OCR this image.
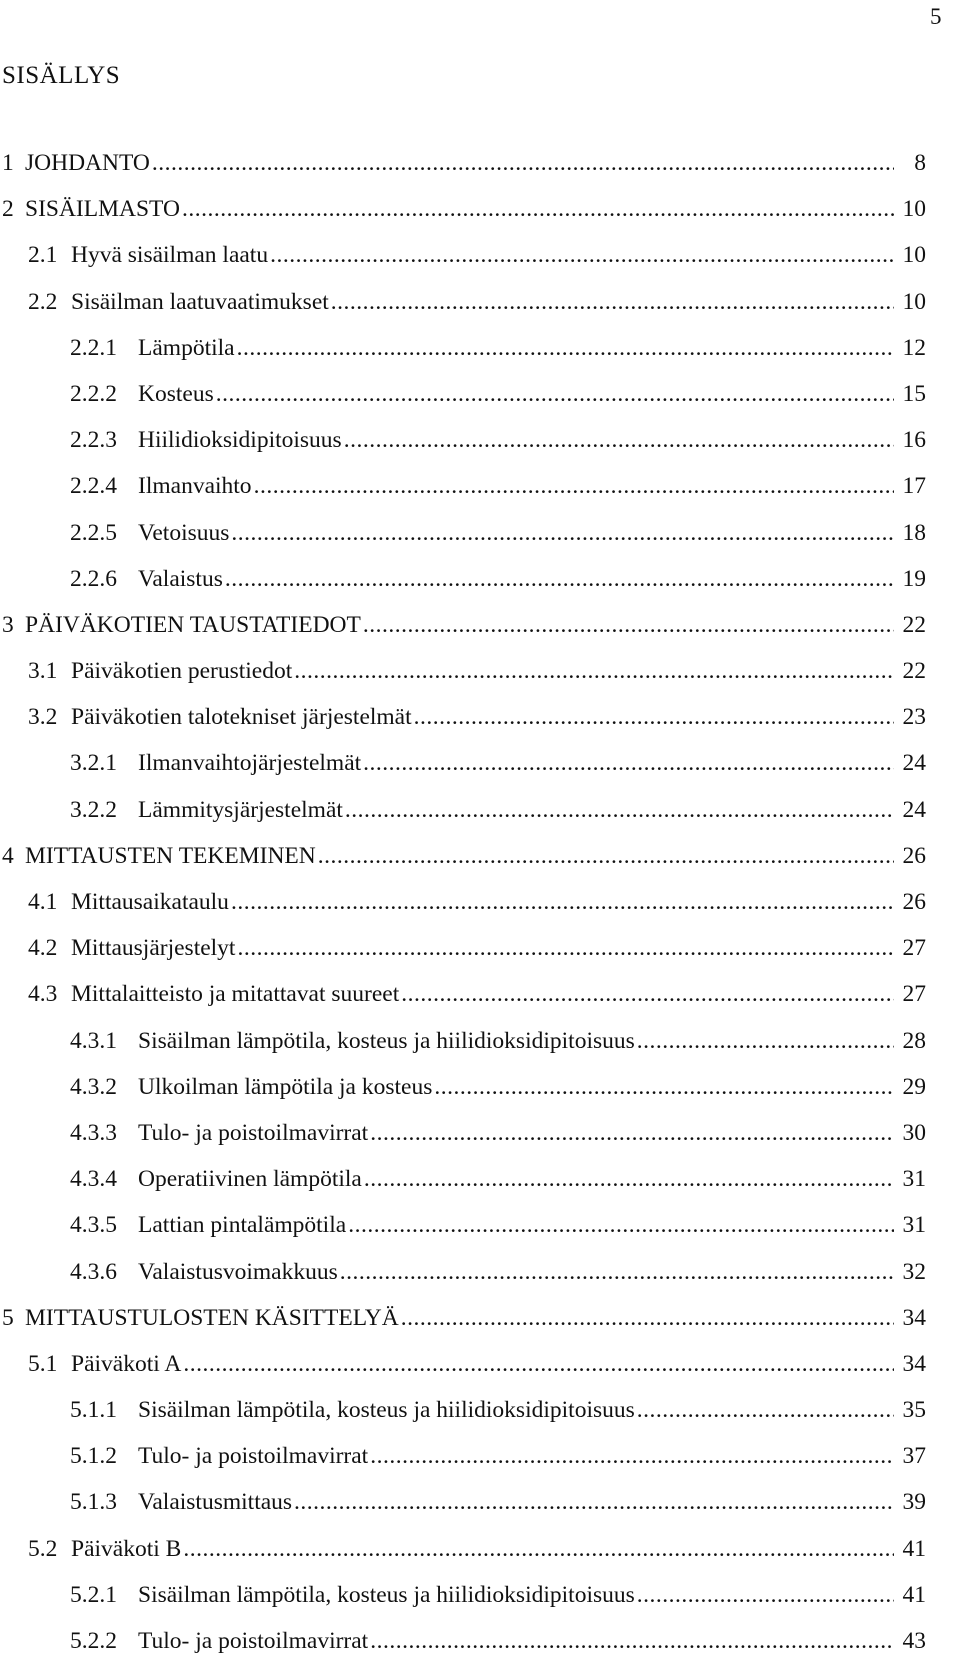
5
SISÄLLYS
1 JOHDANTO .....	8
2 SISÄILMASTO .....	10
2.1 Hyvä sisäilman laatu .....	10
2.2 Sisäilman laatuvaatimukset .....	10
2.2.1 Lämpötila .....	12
2.2.2 Kosteus .....	15
2.2.3 Hiilidioksidipitoisuus .....	16
2.2.4 Ilmanvaihto .....	17
2.2.5 Vetoisuus .....	18
2.2.6 Valaistus .....	19
3 PÄIVÄKOTIEN TAUSTATIEDOT .....	22
3.1 Päiväkotien perustiedot .....	22
3.2 Päiväkotien talotekniset järjestelmät .....	23
3.2.1 Ilmanvaihtojärjestelmät .....	24
3.2.2 Lämmitysjärjestelmät .....	24
4 MITTAUSTEN TEKEMINEN .....	26
4.1 Mittausaikataulu .....	26
4.2 Mittausjärjestelyt .....	27
4.3 Mittalaitteisto ja mitattavat suureet .....	27
4.3.1 Sisäilman lämpötila, kosteus ja hiilidioksidipitoisuus .....	28
4.3.2 Ulkoilman lämpötila ja kosteus .....	29
4.3.3 Tulo- ja poistoilmavirrat .....	30
4.3.4 Operatiivinen lämpötila .....	31
4.3.5 Lattian pintalämpötila .....	31
4.3.6 Valaistusvoimakkuus .....	32
5 MITTAUSTULOSTEN KÄSITTELYÄ .....	34
5.1 Päiväkoti A .....	34
5.1.1 Sisäilman lämpötila, kosteus ja hiilidioksidipitoisuus .....	35
5.1.2 Tulo- ja poistoilmavirrat .....	37
5.1.3 Valaistusmittaus .....	39
5.2 Päiväkoti B .....	41
5.2.1 Sisäilman lämpötila, kosteus ja hiilidioksidipitoisuus .....	41
5.2.2 Tulo- ja poistoilmavirrat .....	43
